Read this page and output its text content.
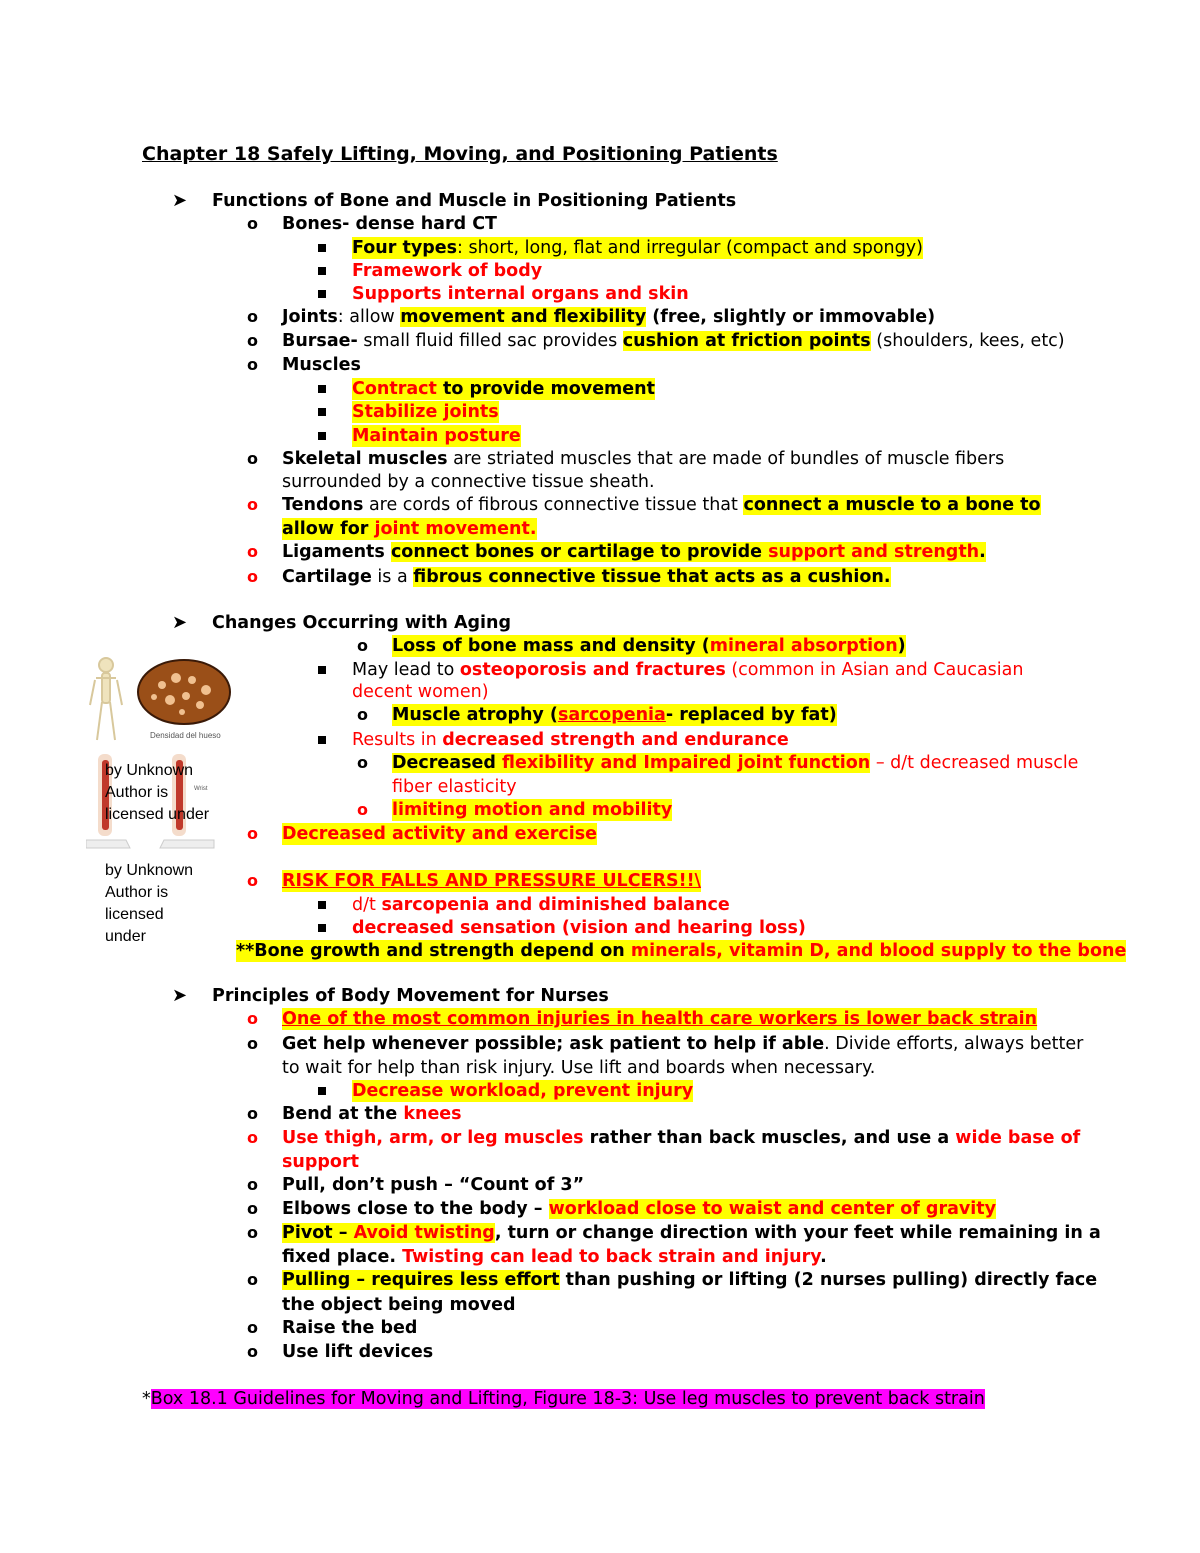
Chapter 18 Safely Lifting, Moving, and Positioning Patients
➤ Functions of Bone and Muscle in Positioning Patients
o Bones- dense hard CT
Four types: short, long, flat and irregular (compact and spongy)
Framework of body
Supports internal organs and skin
o Joints: allow movement and flexibility (free, slightly or immovable)
o Bursae- small fluid filled sac provides cushion at friction points (shoulders, kees, etc)
o Muscles
Contract to provide movement
Stabilize joints
Maintain posture
o Skeletal muscles are striated muscles that are made of bundles of muscle fibers
surrounded by a connective tissue sheath.
o Tendons are cords of fibrous connective tissue that connect a muscle to a bone to
allow for joint movement.
o Ligaments connect bones or cartilage to provide support and strength.
o Cartilage is a fibrous connective tissue that acts as a cushion.
➤ Changes Occurring with Aging
Densidad del hueso
Wrist
by Unknown
Author is
licensed under
by Unknown
Author is
licensed
under
o Loss of bone mass and density (mineral absorption)
May lead to osteoporosis and fractures (common in Asian and Caucasian
decent women)
o Muscle atrophy (sarcopenia- replaced by fat)
Results in decreased strength and endurance
o Decreased flexibility and Impaired joint function – d/t decreased muscle
fiber elasticity
o limiting motion and mobility
o Decreased activity and exercise
o RISK FOR FALLS AND PRESSURE ULCERS!!\
d/t sarcopenia and diminished balance
decreased sensation (vision and hearing loss)
**Bone growth and strength depend on minerals, vitamin D, and blood supply to the bone
➤ Principles of Body Movement for Nurses
o One of the most common injuries in health care workers is lower back strain
o Get help whenever possible; ask patient to help if able. Divide efforts, always better
to wait for help than risk injury. Use lift and boards when necessary.
Decrease workload, prevent injury
o Bend at the knees
o Use thigh, arm, or leg muscles rather than back muscles, and use a wide base of
support
o Pull, don’t push – “Count of 3”
o Elbows close to the body – workload close to waist and center of gravity
o Pivot – Avoid twisting, turn or change direction with your feet while remaining in a
fixed place. Twisting can lead to back strain and injury.
o Pulling – requires less effort than pushing or lifting (2 nurses pulling) directly face
the object being moved
o Raise the bed
o Use lift devices
*Box 18.1 Guidelines for Moving and Lifting, Figure 18-3: Use leg muscles to prevent back strain
